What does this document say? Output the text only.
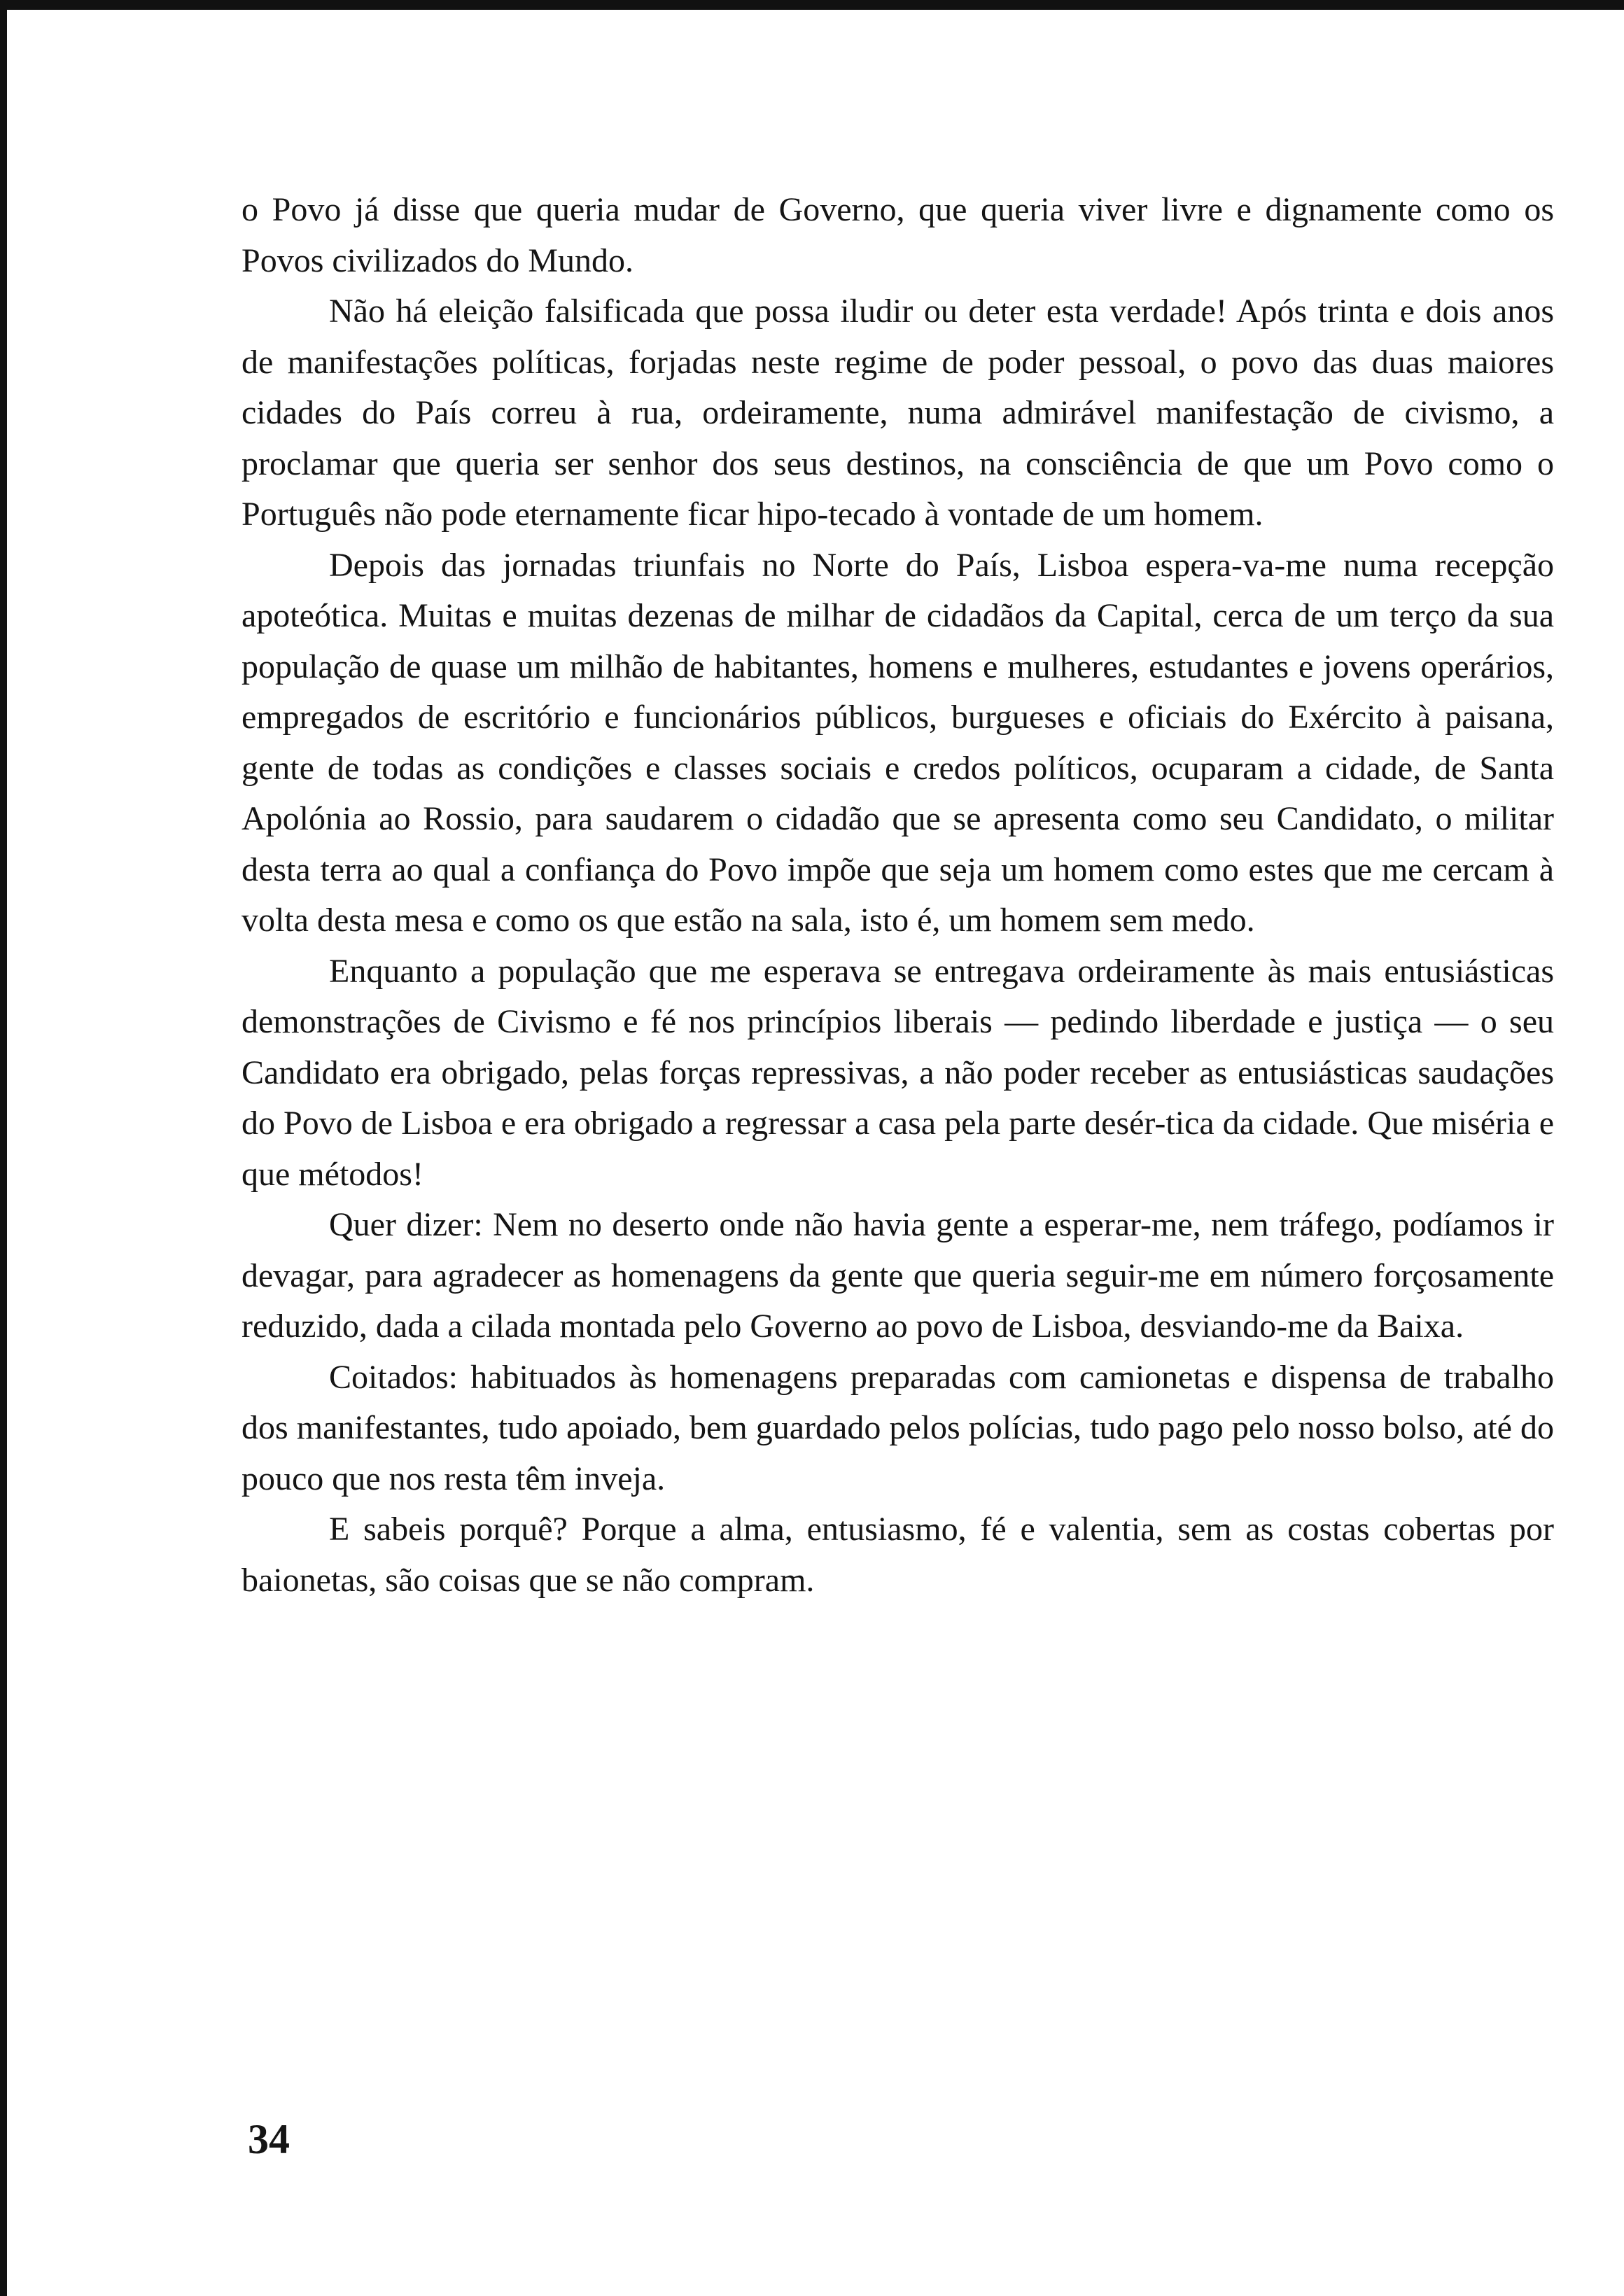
o Povo já disse que queria mudar de Governo, que queria viver livre e dignamente como os Povos civilizados do Mundo.

Não há eleição falsificada que possa iludir ou deter esta verdade! Após trinta e dois anos de manifestações políticas, forjadas neste regime de poder pessoal, o povo das duas maiores cidades do País correu à rua, ordeiramente, numa admirável manifestação de civismo, a proclamar que queria ser senhor dos seus destinos, na consciência de que um Povo como o Português não pode eternamente ficar hipo-tecado à vontade de um homem.

Depois das jornadas triunfais no Norte do País, Lisboa espera-va-me numa recepção apoteótica. Muitas e muitas dezenas de milhar de cidadãos da Capital, cerca de um terço da sua população de quase um milhão de habitantes, homens e mulheres, estudantes e jovens operários, empregados de escritório e funcionários públicos, burgueses e oficiais do Exército à paisana, gente de todas as condições e classes sociais e credos políticos, ocuparam a cidade, de Santa Apolónia ao Rossio, para saudarem o cidadão que se apresenta como seu Candidato, o militar desta terra ao qual a confiança do Povo impõe que seja um homem como estes que me cercam à volta desta mesa e como os que estão na sala, isto é, um homem sem medo.

Enquanto a população que me esperava se entregava ordeiramente às mais entusiásticas demonstrações de Civismo e fé nos princípios liberais — pedindo liberdade e justiça — o seu Candidato era obrigado, pelas forças repressivas, a não poder receber as entusiásticas saudações do Povo de Lisboa e era obrigado a regressar a casa pela parte desér-tica da cidade. Que miséria e que métodos!

Quer dizer: Nem no deserto onde não havia gente a esperar-me, nem tráfego, podíamos ir devagar, para agradecer as homenagens da gente que queria seguir-me em número forçosamente reduzido, dada a cilada montada pelo Governo ao povo de Lisboa, desviando-me da Baixa.

Coitados: habituados às homenagens preparadas com camionetas e dispensa de trabalho dos manifestantes, tudo apoiado, bem guardado pelos polícias, tudo pago pelo nosso bolso, até do pouco que nos resta têm inveja.

E sabeis porquê? Porque a alma, entusiasmo, fé e valentia, sem as costas cobertas por baionetas, são coisas que se não compram.

34
